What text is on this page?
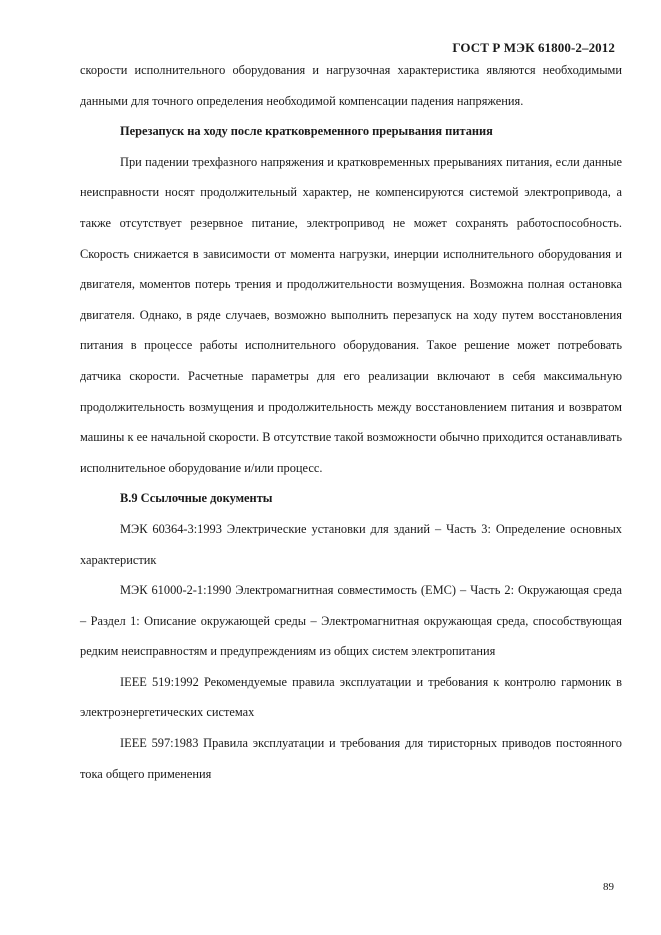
ГОСТ Р МЭК 61800-2–2012

скорости исполнительного оборудования и нагрузочная характеристика являются необходимыми данными для точного определения необходимой компенсации падения напряжения.

Перезапуск на ходу после кратковременного прерывания питания

При падении трехфазного напряжения и кратковременных прерываниях питания, если данные неисправности носят продолжительный характер, не компенсируются системой электропривода, а также отсутствует резервное питание, электропривод не может сохранять работоспособность. Скорость снижается в зависимости от момента нагрузки, инерции исполнительного оборудования и двигателя, моментов потерь трения и продолжительности возмущения. Возможна полная остановка двигателя. Однако, в ряде случаев, возможно выполнить перезапуск на ходу путем восстановления питания в процессе работы исполнительного оборудования. Такое решение может потребовать датчика скорости. Расчетные параметры для его реализации включают в себя максимальную продолжительность возмущения и продолжительность между восстановлением питания и возвратом машины к ее начальной скорости. В отсутствие такой возможности обычно приходится останавливать исполнительное оборудование и/или процесс.

B.9 Ссылочные документы

МЭК 60364-3:1993 Электрические установки для зданий – Часть 3: Определение основных характеристик

МЭК 61000-2-1:1990 Электромагнитная совместимость (ЕМС) – Часть 2: Окружающая среда – Раздел 1: Описание окружающей среды – Электромагнитная окружающая среда, способствующая редким неисправностям и предупреждениям из общих систем электропитания

IEEE 519:1992 Рекомендуемые правила эксплуатации и требования к контролю гармоник в электроэнергетических системах

IEEE 597:1983 Правила эксплуатации и требования для тиристорных приводов постоянного тока общего применения

89
